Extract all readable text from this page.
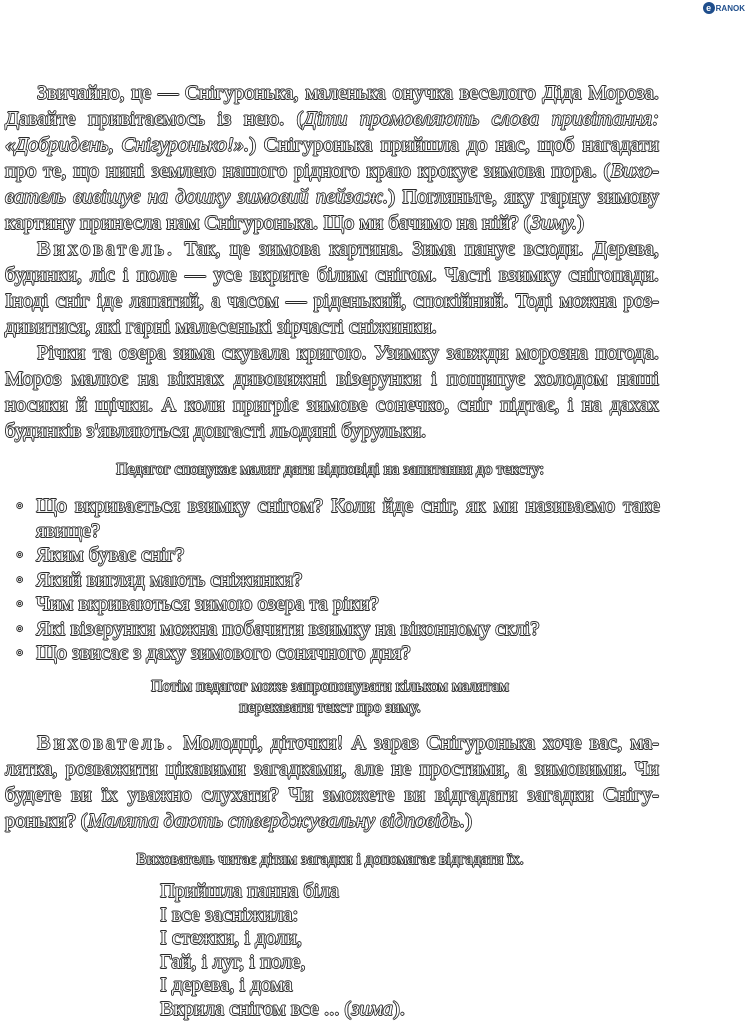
e RANOK

Звичайно, це — Снігуронька, маленька онучка веселого Діда Мороза. Давайте привітаємось із нею. (Діти промовляють слова привітання: «Добридень, Снігуронько!».) Снігуронька прийшла до нас, щоб нагадати про те, що нині землею нашого рідного краю крокує зимова пора. (Вихователь вивішує на дошку зимовий пейзаж.) Погляньте, яку гарну зимову картину принесла нам Снігуронька. Що ми бачимо на ній? (Зиму.)

Вихователь. Так, це зимова картина. Зима панує всюди. Дерева, будинки, ліс і поле — усе вкрите білим снігом. Часті взимку снігопади. Іноді сніг іде лапатий, а часом — ріденький, спокійний. Тоді можна роздивитися, які гарні малесенькі зірчасті сніжинки.

Річки та озера зима скувала кригою. Узимку завжди морозна погода. Мороз малює на вікнах дивовижні візерунки і пощипує холодом наші носики й щічки. А коли пригріє зимове сонечко, сніг підтає, і на дахах будинків з'являються довгасті льодяні бурульки.

Педагог спонукає малят дати відповіді на запитання до тексту:

◦ Що вкривається взимку снігом? Коли йде сніг, як ми називаємо таке явище?
◦ Яким буває сніг?
◦ Який вигляд мають сніжинки?
◦ Чим вкриваються зимою озера та ріки?
◦ Які візерунки можна побачити взимку на віконному склі?
◦ Що звисає з даху зимового сонячного дня?

Потім педагог може запропонувати кільком малятам
переказати текст про зиму.

Вихователь. Молодці, діточки! А зараз Снігуронька хоче вас, малятка, розважити цікавими загадками, але не простими, а зимовими. Чи будете ви їх уважно слухати? Чи зможете ви відгадати загадки Снігуроньки? (Малята дають стверджувальну відповідь.)

Вихователь читає дітям загадки і допомагає відгадати їх.

Прийшла панна біла
І все засніжила:
І стежки, і доли,
Гай, і луг, і поле,
І дерева, і дома
Вкрила снігом все ... (зима).
